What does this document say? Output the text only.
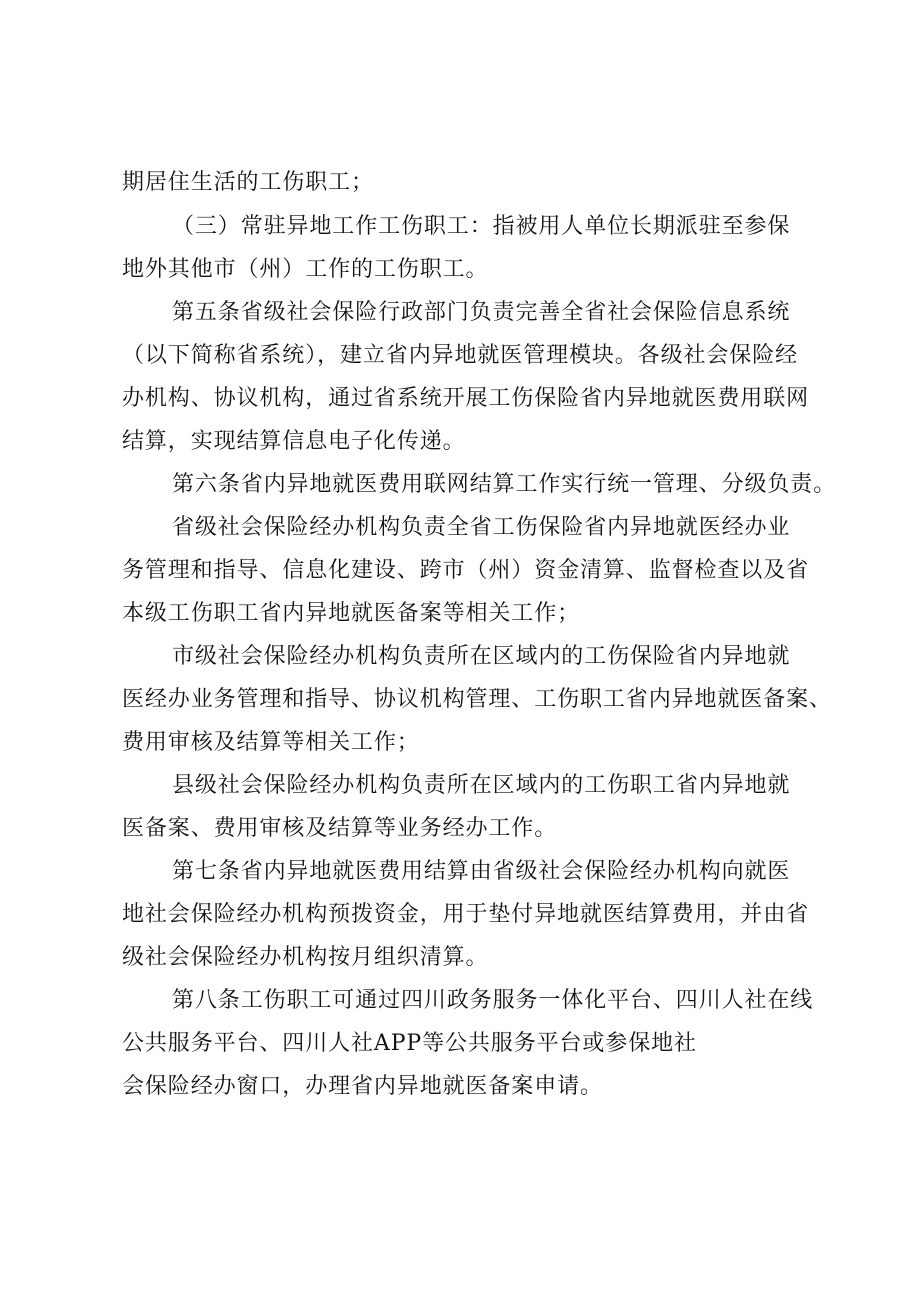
期居住生活的工伤职工；
（三）常驻异地工作工伤职工：指被用人单位长期派驻至参保
地外其他市（州）工作的工伤职工。
第五条省级社会保险行政部门负责完善全省社会保险信息系统
（以下简称省系统），建立省内异地就医管理模块。各级社会保险经
办机构、协议机构，通过省系统开展工伤保险省内异地就医费用联网
结算，实现结算信息电子化传递。
第六条省内异地就医费用联网结算工作实行统一管理、分级负责。
省级社会保险经办机构负责全省工伤保险省内异地就医经办业
务管理和指导、信息化建设、跨市（州）资金清算、监督检查以及省
本级工伤职工省内异地就医备案等相关工作；
市级社会保险经办机构负责所在区域内的工伤保险省内异地就
医经办业务管理和指导、协议机构管理、工伤职工省内异地就医备案、
费用审核及结算等相关工作；
县级社会保险经办机构负责所在区域内的工伤职工省内异地就
医备案、费用审核及结算等业务经办工作。
第七条省内异地就医费用结算由省级社会保险经办机构向就医
地社会保险经办机构预拨资金，用于垫付异地就医结算费用，并由省
级社会保险经办机构按月组织清算。
第八条工伤职工可通过四川政务服务一体化平台、四川人社在线
公共服务平台、四川人社APP等公共服务平台或参保地社
会保险经办窗口，办理省内异地就医备案申请。
